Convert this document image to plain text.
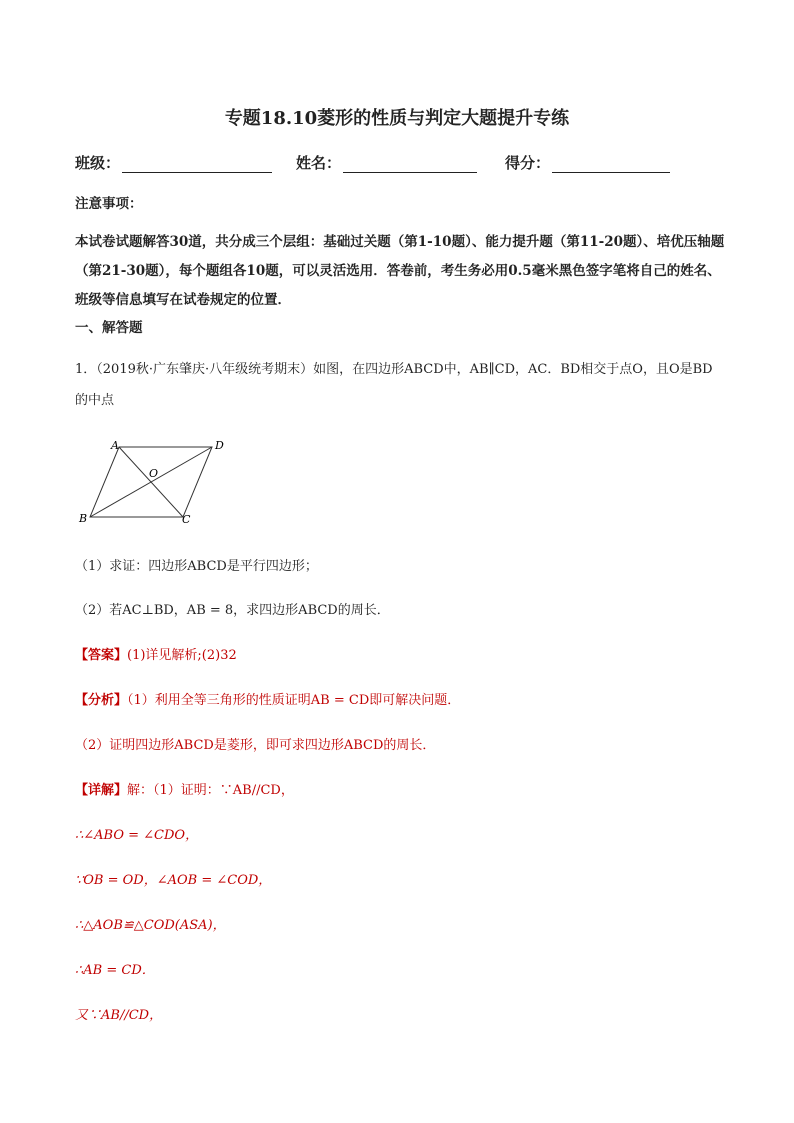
专题18.10菱形的性质与判定大题提升专练
班级：	姓名：	得分：
注意事项：
本试卷试题解答30道，共分成三个层组：基础过关题（第1-10题）、能力提升题（第11-20题）、培优压轴题（第21-30题），每个题组各10题，可以灵活选用．答卷前，考生务必用0.5毫米黑色签字笔将自己的姓名、班级等信息填写在试卷规定的位置．
一、解答题
1．（2019秋·广东肇庆·八年级统考期末）如图，在四边形ABCD中，AB∥CD，AC．BD相交于点O，且O是BD的中点
A	D
B	C
O
（1）求证：四边形ABCD是平行四边形；
（2）若AC⊥BD，AB = 8，求四边形ABCD的周长．
【答案】(1)详见解析;(2)32
【分析】（1）利用全等三角形的性质证明AB = CD即可解决问题．
（2）证明四边形ABCD是菱形，即可求四边形ABCD的周长．
【详解】解：（1）证明：∵AB//CD，
∴∠ABO = ∠CDO，
∵OB = OD，∠AOB = ∠COD，
∴△AOB≌△COD(ASA)，
∴AB = CD．
又∵AB//CD，
